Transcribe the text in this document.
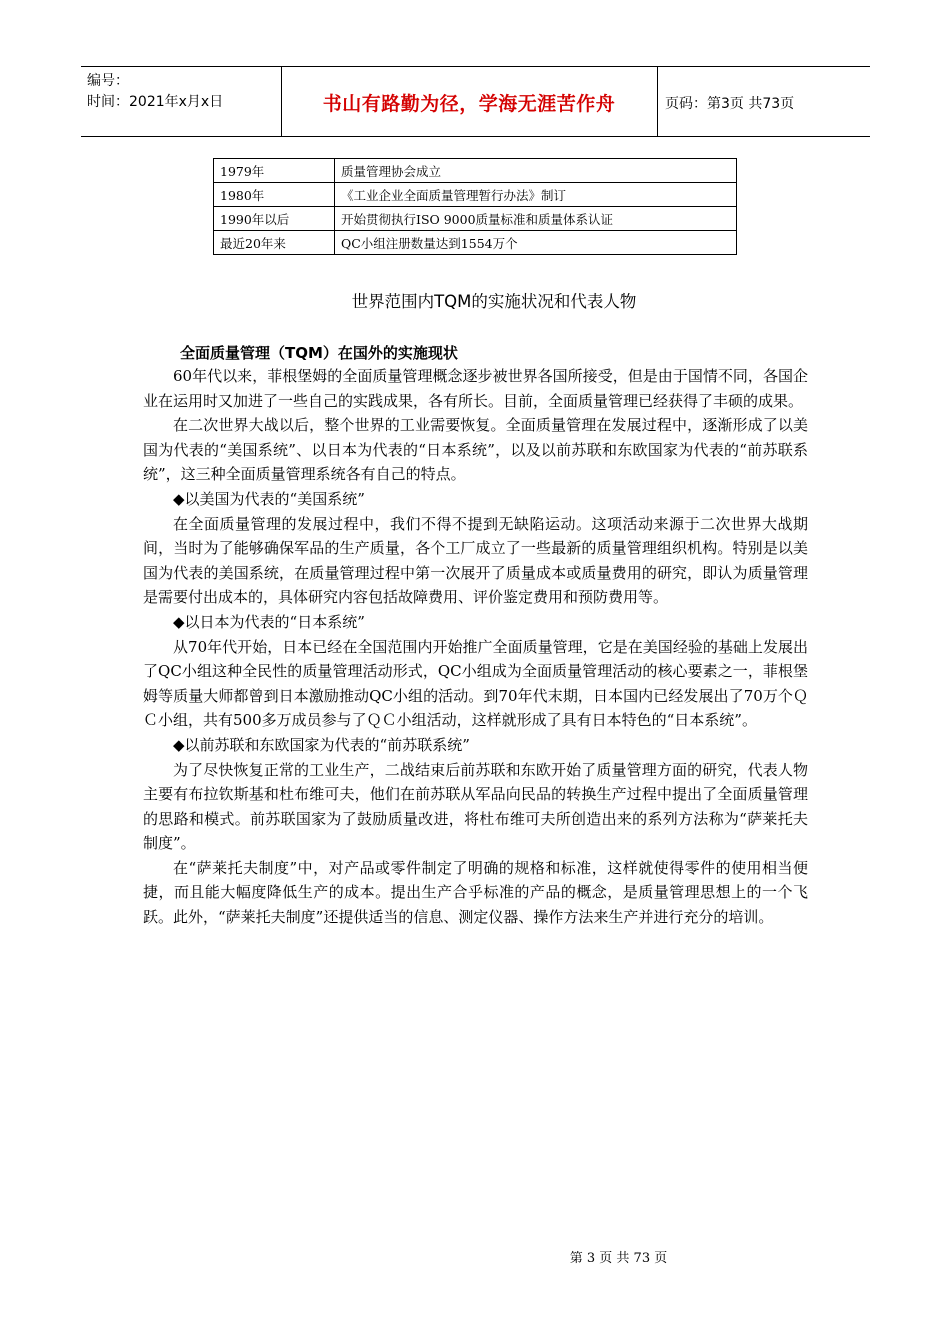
编号：
时间：2021年x月x日	书山有路勤为径，学海无涯苦作舟	页码：第3页 共73页
1979年	质量管理协会成立
1980年	《工业企业全面质量管理暂行办法》制订
1990年以后	开始贯彻执行ISO 9000质量标准和质量体系认证
最近20年来	QC小组注册数量达到1554万个
世界范围内TQM的实施状况和代表人物
全面质量管理（TQM）在国外的实施现状

60年代以来，菲根堡姆的全面质量管理概念逐步被世界各国所接受，但是由于国情不同，各国企业在运用时又加进了一些自己的实践成果，各有所长。目前，全面质量管理已经获得了丰硕的成果。

在二次世界大战以后，整个世界的工业需要恢复。全面质量管理在发展过程中，逐渐形成了以美国为代表的“美国系统”、以日本为代表的“日本系统”，以及以前苏联和东欧国家为代表的“前苏联系统”，这三种全面质量管理系统各有自己的特点。

◆以美国为代表的“美国系统”

在全面质量管理的发展过程中，我们不得不提到无缺陷运动。这项活动来源于二次世界大战期间，当时为了能够确保军品的生产质量，各个工厂成立了一些最新的质量管理组织机构。特别是以美国为代表的美国系统，在质量管理过程中第一次展开了质量成本或质量费用的研究，即认为质量管理是需要付出成本的，具体研究内容包括故障费用、评价鉴定费用和预防费用等。

◆以日本为代表的“日本系统”

从70年代开始，日本已经在全国范围内开始推广全面质量管理，它是在美国经验的基础上发展出了QC小组这种全民性的质量管理活动形式，QC小组成为全面质量管理活动的核心要素之一，菲根堡姆等质量大师都曾到日本激励推动QC小组的活动。到70年代末期，日本国内已经发展出了70万个ＱＣ小组，共有500多万成员参与了ＱＣ小组活动，这样就形成了具有日本特色的“日本系统”。

◆以前苏联和东欧国家为代表的“前苏联系统”

为了尽快恢复正常的工业生产，二战结束后前苏联和东欧开始了质量管理方面的研究，代表人物主要有布拉钦斯基和杜布维可夫，他们在前苏联从军品向民品的转换生产过程中提出了全面质量管理的思路和模式。前苏联国家为了鼓励质量改进，将杜布维可夫所创造出来的系列方法称为“萨莱托夫制度”。

在“萨莱托夫制度”中，对产品或零件制定了明确的规格和标准，这样就使得零件的使用相当便捷，而且能大幅度降低生产的成本。提出生产合乎标准的产品的概念，是质量管理思想上的一个飞跃。此外，“萨莱托夫制度”还提供适当的信息、测定仪器、操作方法来生产并进行充分的培训。

第 3 页 共 73 页
